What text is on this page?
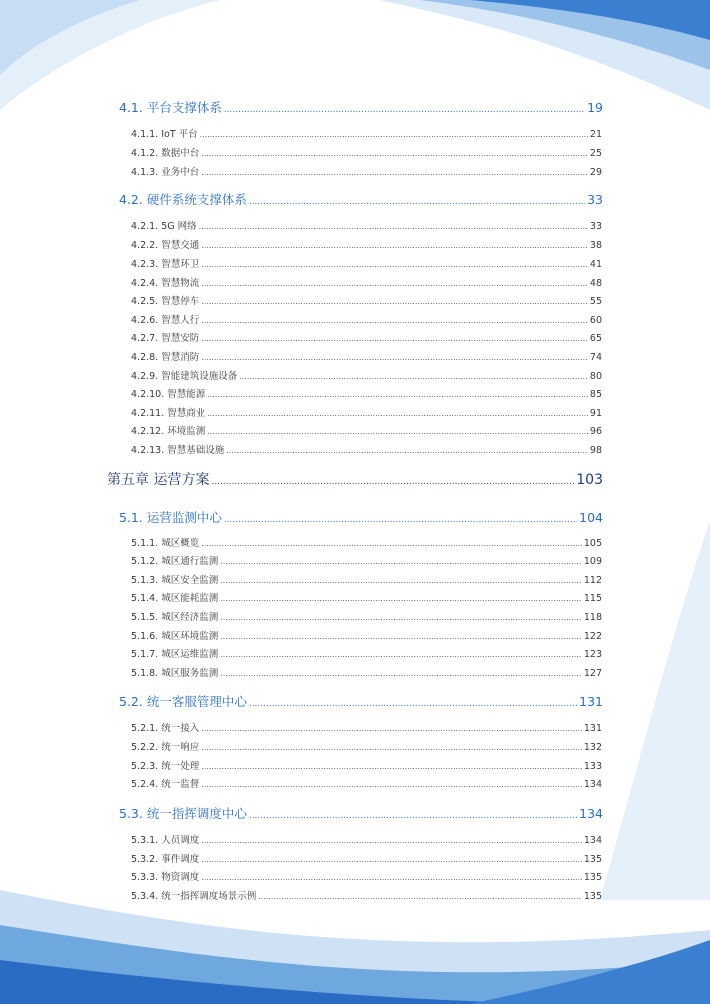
4.1. 平台支撑体系 .....	19
4.1.1. IoT 平台 .....	21
4.1.2. 数据中台 .....	25
4.1.3. 业务中台 .....	29
4.2. 硬件系统支撑体系 .....	33
4.2.1. 5G 网络 .....	33
4.2.2. 智慧交通 .....	38
4.2.3. 智慧环卫 .....	41
4.2.4. 智慧物流 .....	48
4.2.5. 智慧停车 .....	55
4.2.6. 智慧人行 .....	60
4.2.7. 智慧安防 .....	65
4.2.8. 智慧消防 .....	74
4.2.9. 智能建筑设施设备 .....	80
4.2.10. 智慧能源 .....	85
4.2.11. 智慧商业 .....	91
4.2.12. 环境监测 .....	96
4.2.13. 智慧基础设施 .....	98
第五章 运营方案 .....	103
5.1. 运营监测中心 .....	104
5.1.1. 城区概览 .....	105
5.1.2. 城区通行监测 .....	109
5.1.3. 城区安全监测 .....	112
5.1.4. 城区能耗监测 .....	115
5.1.5. 城区经济监测 .....	118
5.1.6. 城区环境监测 .....	122
5.1.7. 城区运维监测 .....	123
5.1.8. 城区服务监测 .....	127
5.2. 统一客服管理中心 .....	131
5.2.1. 统一接入 .....	131
5.2.2. 统一响应 .....	132
5.2.3. 统一处理 .....	133
5.2.4. 统一监督 .....	134
5.3. 统一指挥调度中心 .....	134
5.3.1. 人员调度 .....	134
5.3.2. 事件调度 .....	135
5.3.3. 物资调度 .....	135
5.3.4. 统一指挥调度场景示例 .....	135
